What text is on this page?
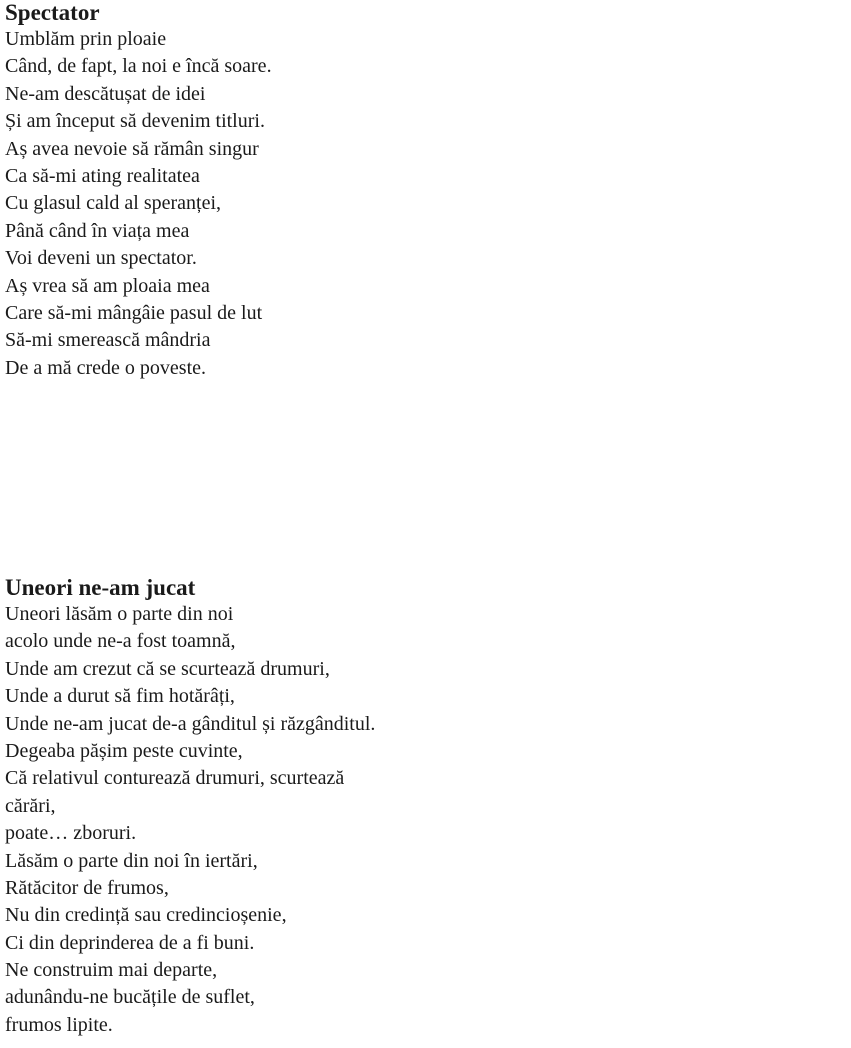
Spectator
Umblăm prin ploaie
Când, de fapt, la noi e încă soare.
Ne-am descătușat de idei
Și am început să devenim titluri.
Aș avea nevoie să rămân singur
Ca să-mi ating realitatea
Cu glasul cald al speranței,
Până când în viața mea
Voi deveni un spectator.
Aș vrea să am ploaia mea
Care să-mi mângâie pasul de lut
Să-mi smerească mândria
De a mă crede o poveste.
Uneori ne-am jucat
Uneori lăsăm o parte din noi
acolo unde ne-a fost toamnă,
Unde am crezut că se scurtează drumuri,
Unde a durut să fim hotărâți,
Unde ne-am jucat de-a gânditul și răzgânditul.
Degeaba pășim peste cuvinte,
Că relativul conturează drumuri, scurtează
cărări,
poate… zboruri.
Lăsăm o parte din noi în iertări,
Rătăcitor de frumos,
Nu din credință sau credincioșenie,
Ci din deprinderea de a fi buni.
Ne construim mai departe,
adunându-ne bucățile de suflet,
frumos lipite.
